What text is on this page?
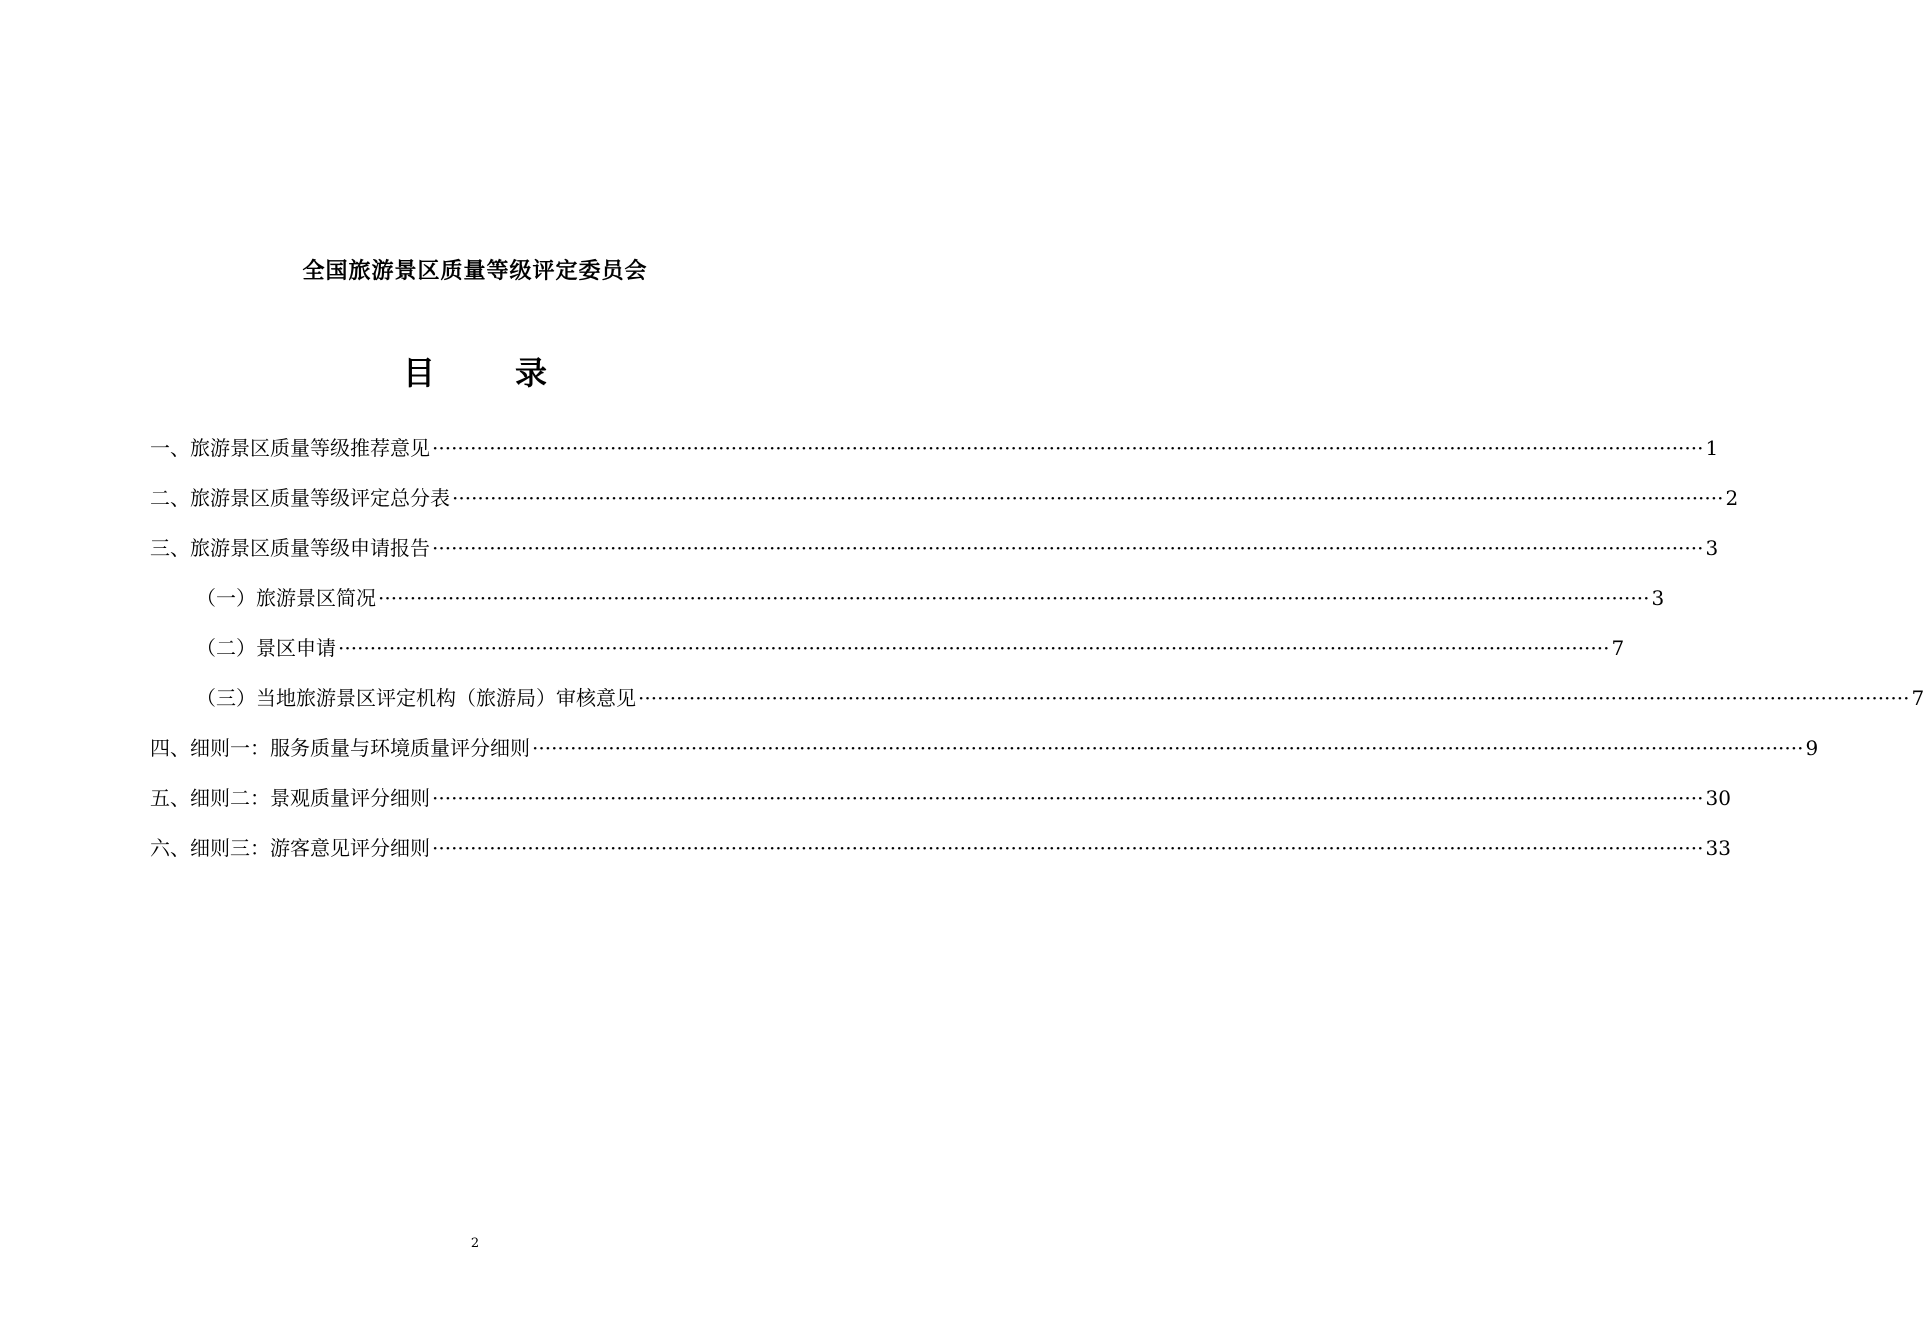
全国旅游景区质量等级评定委员会
目	录
一、旅游景区质量等级推荐意见 ········································································································································································································ 1
二、旅游景区质量等级评定总分表 ········································································································································································································ 2
三、旅游景区质量等级申请报告 ········································································································································································································ 3
（一）旅游景区简况 ········································································································································································································ 3
（二）景区申请 ········································································································································································································ 7
（三）当地旅游景区评定机构（旅游局）审核意见 ········································································································································································································ 7
四、细则一：服务质量与环境质量评分细则 ········································································································································································································ 9
五、细则二：景观质量评分细则 ········································································································································································································ 30
六、细则三：游客意见评分细则 ········································································································································································································ 33
2
